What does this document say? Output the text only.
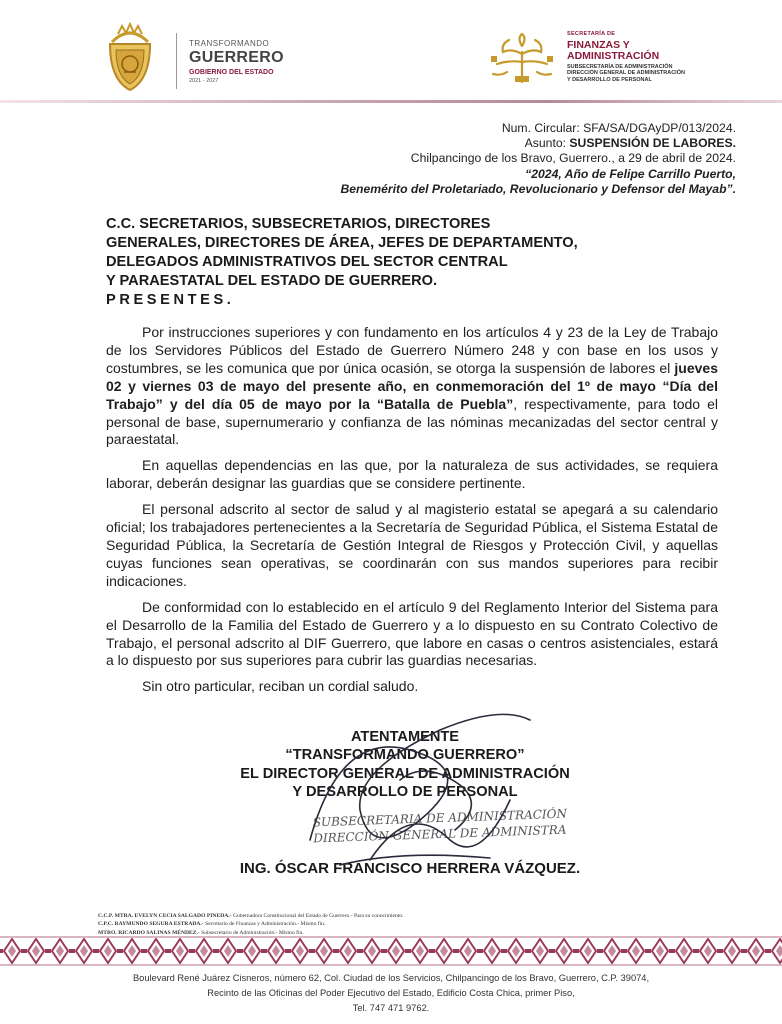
TRANSFORMANDO
GUERRERO
GOBIERNO DEL ESTADO
2021 - 2027
SECRETARÍA DE
FINANZAS Y
ADMINISTRACIÓN
SUBSECRETARÍA DE ADMINISTRACIÓN
DIRECCIÓN GENERAL DE ADMINISTRACIÓN
Y DESARROLLO DE PERSONAL
Num. Circular: SFA/SA/DGAyDP/013/2024.
Asunto: SUSPENSIÓN DE LABORES.
Chilpancingo de los Bravo, Guerrero., a 29 de abril de 2024.
“2024, Año de Felipe Carrillo Puerto,
Benemérito del Proletariado, Revolucionario y Defensor del Mayab”.
C.C. SECRETARIOS, SUBSECRETARIOS, DIRECTORES
GENERALES, DIRECTORES DE ÁREA, JEFES DE DEPARTAMENTO,
DELEGADOS ADMINISTRATIVOS DEL SECTOR CENTRAL
Y PARAESTATAL DEL ESTADO DE GUERRERO.
PRESENTES.

Por instrucciones superiores y con fundamento en los artículos 4 y 23 de la Ley de Trabajo de los Servidores Públicos del Estado de Guerrero Número 248 y con base en los usos y costumbres, se les comunica que por única ocasión, se otorga la suspensión de labores el jueves 02 y viernes 03 de mayo del presente año, en conmemoración del 1º de mayo “Día del Trabajo” y del día 05 de mayo por la “Batalla de Puebla”, respectivamente, para todo el personal de base, supernumerario y confianza de las nóminas mecanizadas del sector central y paraestatal.

En aquellas dependencias en las que, por la naturaleza de sus actividades, se requiera laborar, deberán designar las guardias que se considere pertinente.

El personal adscrito al sector de salud y al magisterio estatal se apegará a su calendario oficial; los trabajadores pertenecientes a la Secretaría de Seguridad Pública, el Sistema Estatal de Seguridad Pública, la Secretaría de Gestión Integral de Riesgos y Protección Civil, y aquellas cuyas funciones sean operativas, se coordinarán con sus mandos superiores para recibir indicaciones.

De conformidad con lo establecido en el artículo 9 del Reglamento Interior del Sistema para el Desarrollo de la Familia del Estado de Guerrero y a lo dispuesto en su Contrato Colectivo de Trabajo, el personal adscrito al DIF Guerrero, que labore en casas o centros asistenciales, estará a lo dispuesto por sus superiores para cubrir las guardias necesarias.

Sin otro particular, reciban un cordial saludo.

ATENTAMENTE
“TRANSFORMANDO GUERRERO”
EL DIRECTOR GENERAL DE ADMINISTRACIÓN
Y DESARROLLO DE PERSONAL
SUBSECRETARIA DE ADMINISTRACIÓN
DIRECCIÓN GENERAL DE ADMINISTRA
ING. ÓSCAR FRANCISCO HERRERA VÁZQUEZ.
C.C.P. MTRA. EVELYN CECIA SALGADO PINEDA.- Gobernadora Constitucional del Estado de Guerrero.- Para su conocimiento.
C.P.C. RAYMUNDO SEGURA ESTRADA.- Secretario de Finanzas y Administración.- Mismo fin.
MTRO. RICARDO SALINAS MÉNDEZ.- Subsecretario de Administración.- Mismo fin.
Boulevard René Juárez Cisneros, número 62, Col. Ciudad de los Servicios, Chilpancingo de los Bravo, Guerrero, C.P. 39074,
Recinto de las Oficinas del Poder Ejecutivo del Estado, Edificio Costa Chica, primer Piso,
Tel. 747 471 9762.
